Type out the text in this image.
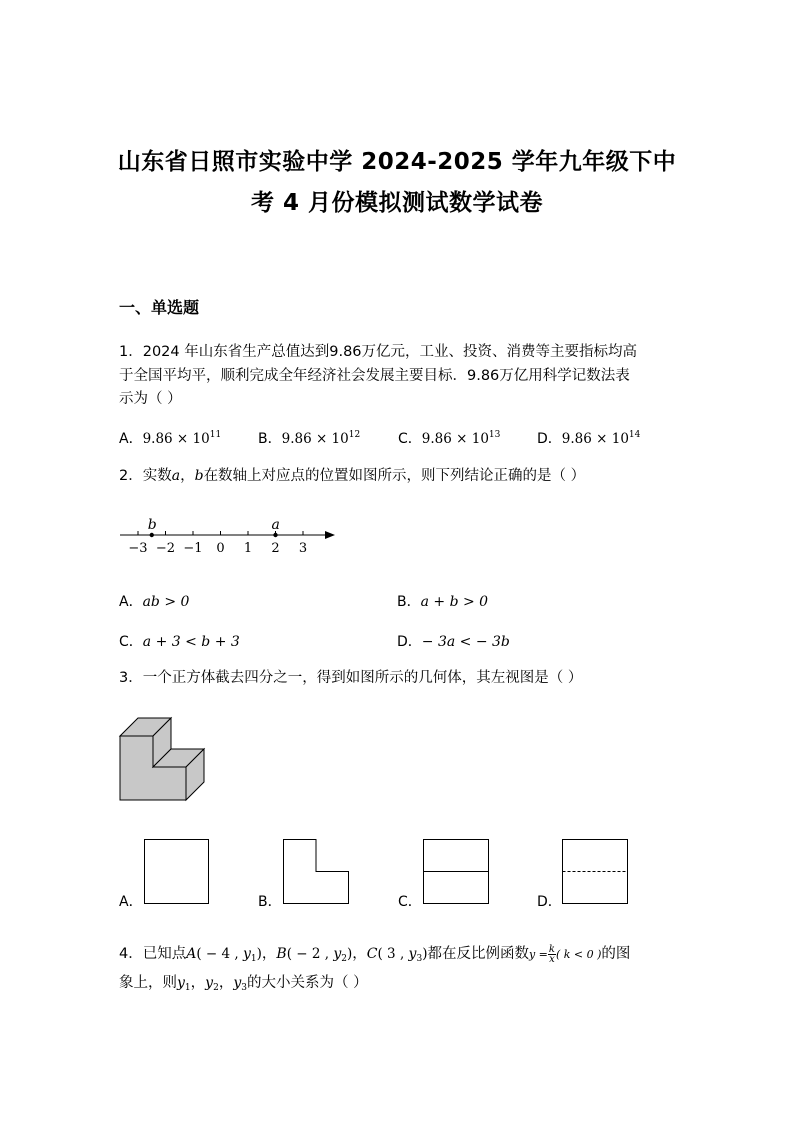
山东省日照市实验中学 2024-2025 学年九年级下中
考 4 月份模拟测试数学试卷
一、单选题
1．2024 年山东省生产总值达到9.86万亿元，工业、投资、消费等主要指标均高
于全国平均平，顺利完成全年经济社会发展主要目标．9.86万亿用科学记数法表
示为（ ）
A．$9.86 \times 10^{11}$	B．$9.86 \times 10^{12}$	C．$9.86 \times 10^{13}$	D．$9.86 \times 10^{14}$
2．实数a，b在数轴上对应点的位置如图所示，则下列结论正确的是（ ）
−3 −2 −1 0 1 2 3
b	a
A．ab > 0	B．a + b > 0
C．a + 3 < b + 3	D．− 3a < − 3b
3．一个正方体截去四分之一，得到如图所示的几何体，其左视图是（ ）
A．	B．	C．	D．
4．已知点A( − 4 , $y_1$)，B( − 2 , $y_2$)，C( 3 , $y_3$)都在反比例函数$y = \frac{k}{x}$ ( k < 0 )的图
象上，则$y_1$，$y_2$，$y_3$的大小关系为（ ）
